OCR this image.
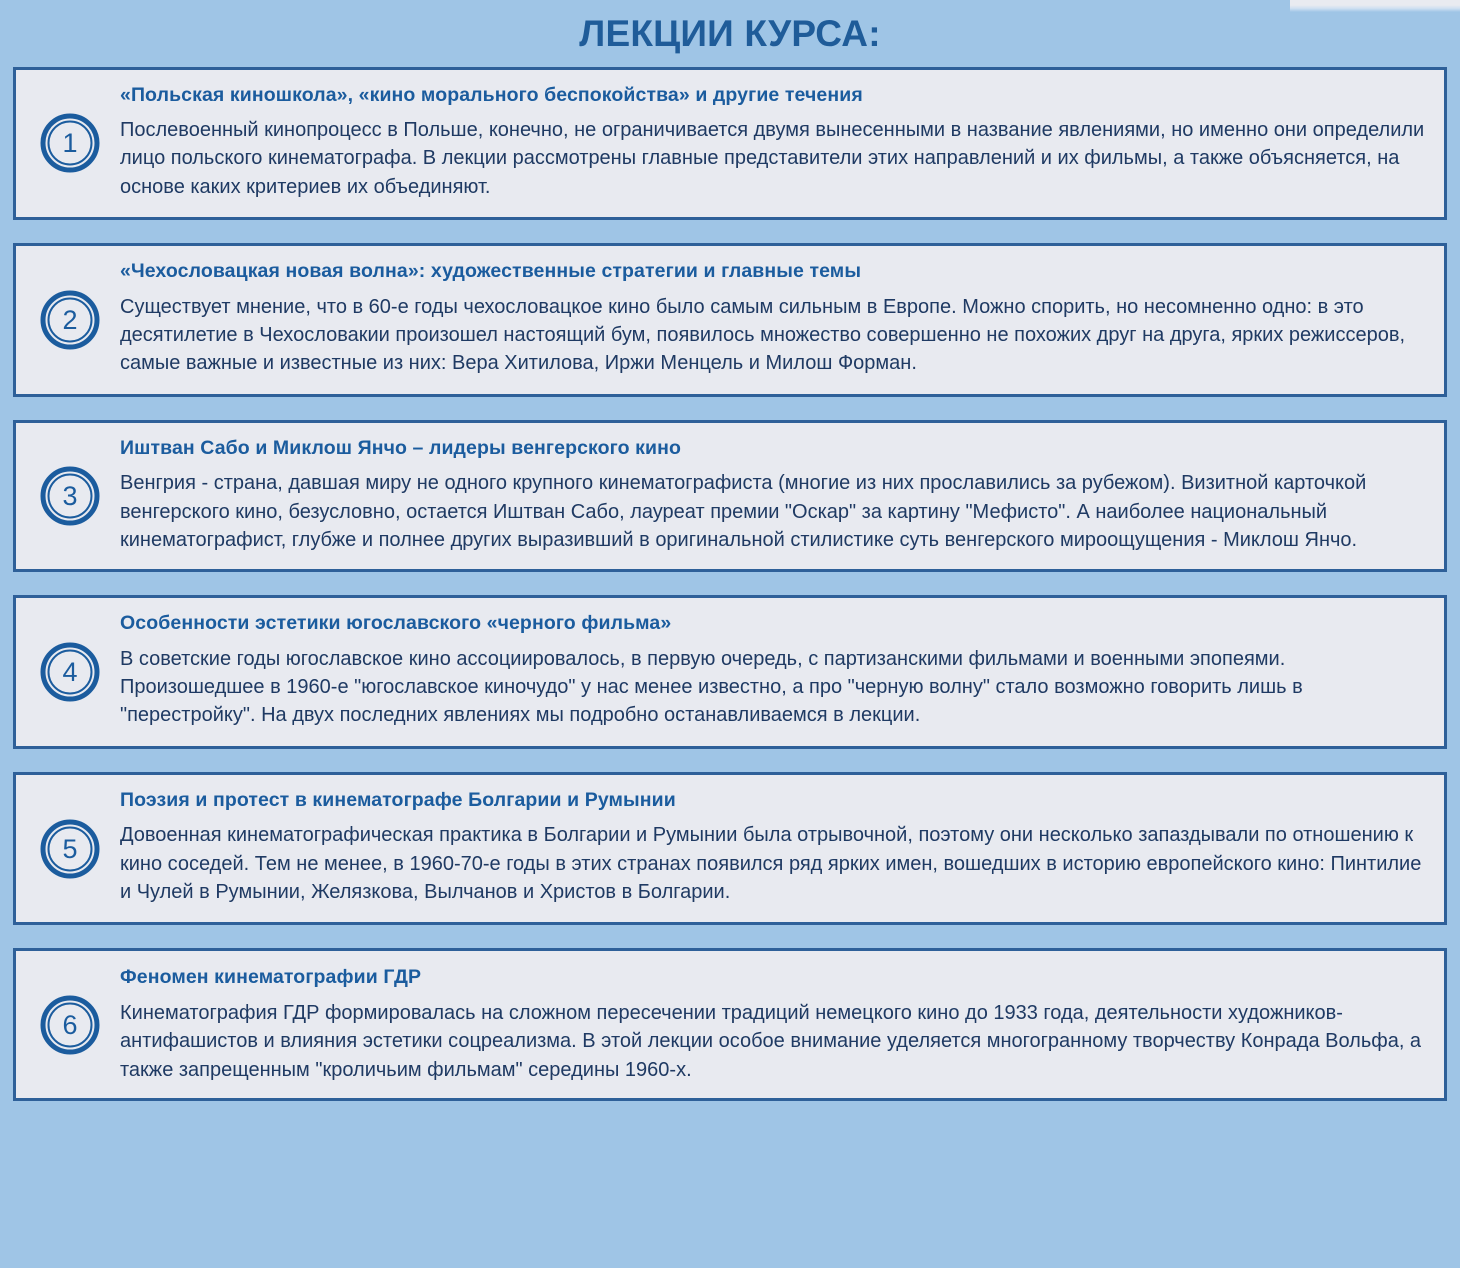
ЛЕКЦИИ КУРСА:
1

«Польская киношкола», «кино морального беспокойства» и другие течения

Послевоенный кинопроцесс в Польше, конечно, не ограничивается двумя вынесенными в название явлениями, но именно они определили лицо польского кинематографа. В лекции рассмотрены главные представители этих направлений и их фильмы, а также объясняется, на основе каких критериев их объединяют.

2

«Чехословацкая новая волна»: художественные стратегии и главные темы

Существует мнение, что в 60-е годы чехословацкое кино было самым сильным в Европе. Можно спорить, но несомненно одно: в это десятилетие в Чехословакии произошел настоящий бум, появилось множество совершенно не похожих друг на друга, ярких режиссеров, самые важные и известные из них: Вера Хитилова, Иржи Менцель и Милош Форман.

3

Иштван Сабо и Миклош Янчо – лидеры венгерского кино

Венгрия - страна, давшая миру не одного крупного кинематографиста (многие из них прославились за рубежом). Визитной карточкой венгерского кино, безусловно, остается Иштван Сабо, лауреат премии "Оскар" за картину "Мефисто". А наиболее национальный кинематографист, глубже и полнее других выразивший в оригинальной стилистике суть венгерского мироощущения - Миклош Янчо.

4

Особенности эстетики югославского «черного фильма»

В советские годы югославское кино ассоциировалось, в первую очередь, с партизанскими фильмами и военными эпопеями. Произошедшее в 1960-е "югославское киночудо" у нас менее известно, а про "черную волну" стало возможно говорить лишь в "перестройку". На двух последних явлениях мы подробно останавливаемся в лекции.

5

Поэзия и протест в кинематографе Болгарии и Румынии

Довоенная кинематографическая практика в Болгарии и Румынии была отрывочной, поэтому они несколько запаздывали по отношению к кино соседей. Тем не менее, в 1960-70-е годы в этих странах появился ряд ярких имен, вошедших в историю европейского кино: Пинтилие и Чулей в Румынии, Желязкова, Вылчанов и Христов в Болгарии.

6

Феномен кинематографии ГДР

Кинематография ГДР формировалась на сложном пересечении традиций немецкого кино до 1933 года, деятельности художников-антифашистов и влияния эстетики соцреализма. В этой лекции особое внимание уделяется многогранному творчеству Конрада Вольфа, а также запрещенным "кроличьим фильмам" середины 1960-х.
